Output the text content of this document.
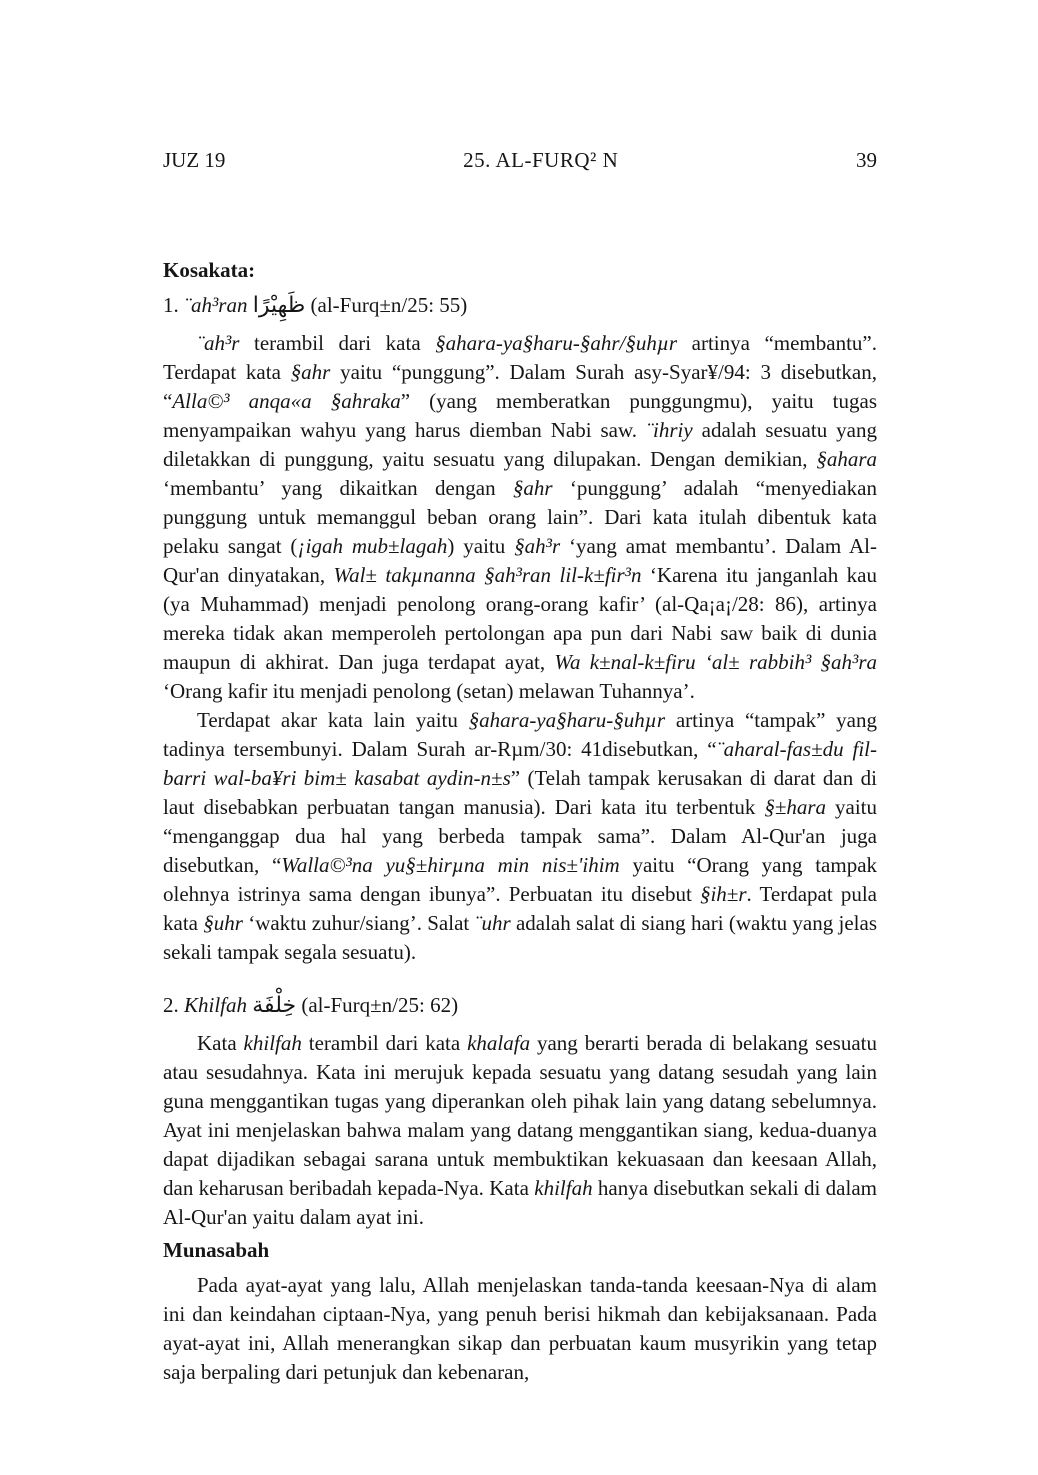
JUZ 19	25. AL-FURQ² N	39

Kosakata:

1. ¨ah³ran ظَهِيْرًا (al-Furq±n/25: 55)

¨ah³r terambil dari kata §ahara-ya§haru-§ahr/§uhµr artinya “membantu”. Terdapat kata §ahr yaitu “punggung”. Dalam Surah asy-Syar¥/94: 3 disebutkan, “Alla©³ anqa«a §ahraka” (yang memberatkan punggungmu), yaitu tugas menyampaikan wahyu yang harus diemban Nabi saw. ¨ihriy adalah sesuatu yang diletakkan di punggung, yaitu sesuatu yang dilupakan. Dengan demikian, §ahara ‘membantu’ yang dikaitkan dengan §ahr ‘punggung’ adalah “menyediakan punggung untuk memanggul beban orang lain”. Dari kata itulah dibentuk kata pelaku sangat (¡igah mub±lagah) yaitu §ah³r ‘yang amat membantu’. Dalam Al-Qur'an dinyatakan, Wal± takµnanna §ah³ran lil-k±fir³n ‘Karena itu janganlah kau (ya Muhammad) menjadi penolong orang-orang kafir’ (al-Qa¡a¡/28: 86), artinya mereka tidak akan memperoleh pertolongan apa pun dari Nabi saw baik di dunia maupun di akhirat. Dan juga terdapat ayat, Wa k±nal-k±firu ‘al± rabbih³ §ah³ra ‘Orang kafir itu menjadi penolong (setan) melawan Tuhannya’.

Terdapat akar kata lain yaitu §ahara-ya§haru-§uhµr artinya “tampak” yang tadinya tersembunyi. Dalam Surah ar-Rµm/30: 41disebutkan, “¨aharal-fas±du fil-barri wal-ba¥ri bim± kasabat aydin-n±s” (Telah tampak kerusakan di darat dan di laut disebabkan perbuatan tangan manusia). Dari kata itu terbentuk §±hara yaitu “menganggap dua hal yang berbeda tampak sama”. Dalam Al-Qur'an juga disebutkan, “Walla©³na yu§±hirµna min nis±'ihim yaitu “Orang yang tampak olehnya istrinya sama dengan ibunya”. Perbuatan itu disebut §ih±r. Terdapat pula kata §uhr ‘waktu zuhur/siang’. Salat ¨uhr adalah salat di siang hari (waktu yang jelas sekali tampak segala sesuatu).

2. Khilfah خِلْفَة (al-Furq±n/25: 62)

Kata khilfah terambil dari kata khalafa yang berarti berada di belakang sesuatu atau sesudahnya. Kata ini merujuk kepada sesuatu yang datang sesudah yang lain guna menggantikan tugas yang diperankan oleh pihak lain yang datang sebelumnya. Ayat ini menjelaskan bahwa malam yang datang menggantikan siang, kedua-duanya dapat dijadikan sebagai sarana untuk membuktikan kekuasaan dan keesaan Allah, dan keharusan beribadah kepada-Nya. Kata khilfah hanya disebutkan sekali di dalam Al-Qur'an yaitu dalam ayat ini.

Munasabah

Pada ayat-ayat yang lalu, Allah menjelaskan tanda-tanda keesaan-Nya di alam ini dan keindahan ciptaan-Nya, yang penuh berisi hikmah dan kebijaksanaan. Pada ayat-ayat ini, Allah menerangkan sikap dan perbuatan kaum musyrikin yang tetap saja berpaling dari petunjuk dan kebenaran,
